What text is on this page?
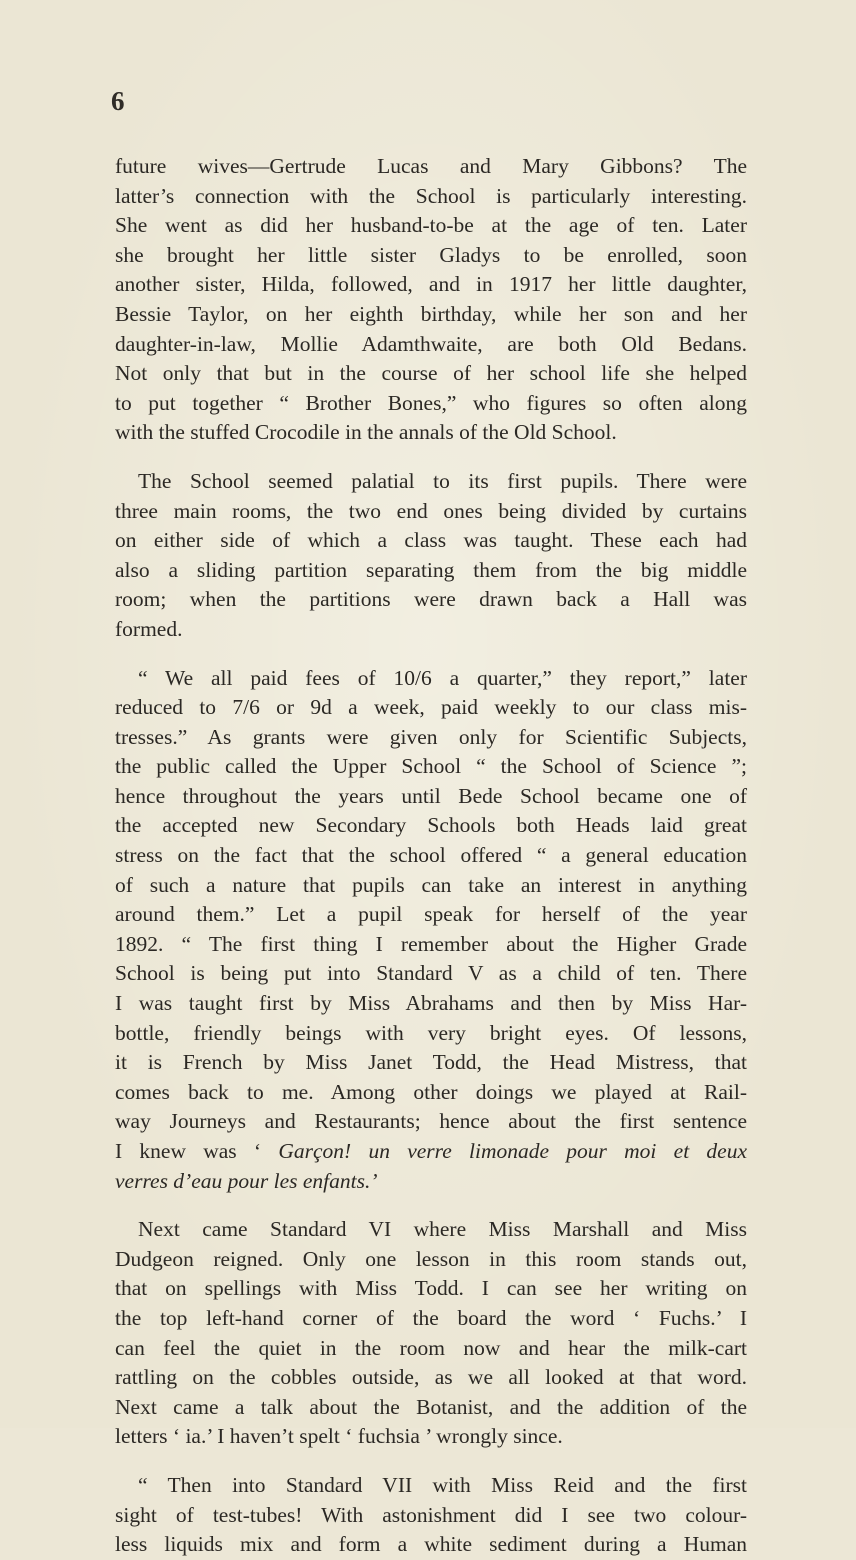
6

future wives—Gertrude Lucas and Mary Gibbons? The
latter’s connection with the School is particularly interesting.
She went as did her husband-to-be at the age of ten. Later
she brought her little sister Gladys to be enrolled, soon
another sister, Hilda, followed, and in 1917 her little daughter,
Bessie Taylor, on her eighth birthday, while her son and her
daughter-in-law, Mollie Adamthwaite, are both Old Bedans.
Not only that but in the course of her school life she helped
to put together “ Brother Bones,” who figures so often along
with the stuffed Crocodile in the annals of the Old School.

The School seemed palatial to its first pupils. There were
three main rooms, the two end ones being divided by curtains
on either side of which a class was taught. These each had
also a sliding partition separating them from the big middle
room; when the partitions were drawn back a Hall was
formed.

“ We all paid fees of 10/6 a quarter,” they report,” later
reduced to 7/6 or 9d a week, paid weekly to our class mis-
tresses.” As grants were given only for Scientific Subjects,
the public called the Upper School “ the School of Science ”;
hence throughout the years until Bede School became one of
the accepted new Secondary Schools both Heads laid great
stress on the fact that the school offered “ a general education
of such a nature that pupils can take an interest in anything
around them.” Let a pupil speak for herself of the year
1892. “ The first thing I remember about the Higher Grade
School is being put into Standard V as a child of ten. There
I was taught first by Miss Abrahams and then by Miss Har-
bottle, friendly beings with very bright eyes. Of lessons,
it is French by Miss Janet Todd, the Head Mistress, that
comes back to me. Among other doings we played at Rail-
way Journeys and Restaurants; hence about the first sentence
I knew was ‘ Garçon! un verre limonade pour moi et deux
verres d’eau pour les enfants.’

Next came Standard VI where Miss Marshall and Miss
Dudgeon reigned. Only one lesson in this room stands out,
that on spellings with Miss Todd. I can see her writing on
the top left-hand corner of the board the word ‘ Fuchs.’ I
can feel the quiet in the room now and hear the milk-cart
rattling on the cobbles outside, as we all looked at that word.
Next came a talk about the Botanist, and the addition of the
letters ‘ ia.’ I haven’t spelt ‘ fuchsia ’ wrongly since.

“ Then into Standard VII with Miss Reid and the first
sight of test-tubes! With astonishment did I see two colour-
less liquids mix and form a white sediment during a Human
